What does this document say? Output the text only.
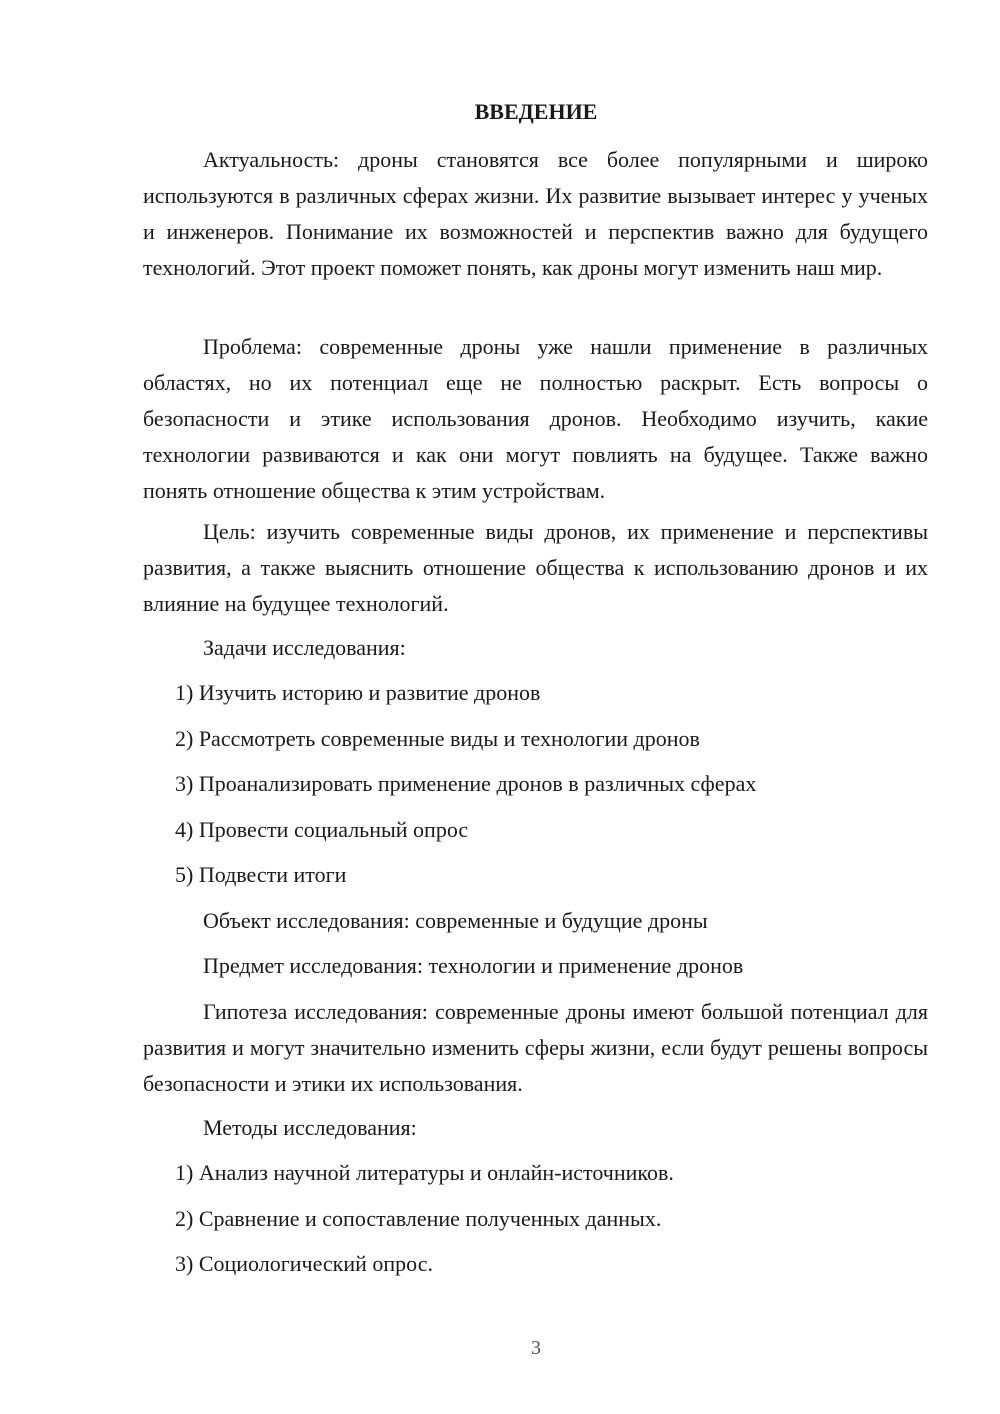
ВВЕДЕНИЕ

Актуальность: дроны становятся все более популярными и широко используются в различных сферах жизни. Их развитие вызывает интерес у ученых и инженеров. Понимание их возможностей и перспектив важно для будущего технологий. Этот проект поможет понять, как дроны могут изменить наш мир.

Проблема: современные дроны уже нашли применение в различных областях, но их потенциал еще не полностью раскрыт. Есть вопросы о безопасности и этике использования дронов. Необходимо изучить, какие технологии развиваются и как они могут повлиять на будущее. Также важно понять отношение общества к этим устройствам.

Цель: изучить современные виды дронов, их применение и перспективы развития, а также выяснить отношение общества к использованию дронов и их влияние на будущее технологий.

Задачи исследования:

1) Изучить историю и развитие дронов

2) Рассмотреть современные виды и технологии дронов

3) Проанализировать применение дронов в различных сферах

4) Провести социальный опрос

5) Подвести итоги

Объект исследования: современные и будущие дроны

Предмет исследования: технологии и применение дронов

Гипотеза исследования: современные дроны имеют большой потенциал для развития и могут значительно изменить сферы жизни, если будут решены вопросы безопасности и этики их использования.

Методы исследования:

1) Анализ научной литературы и онлайн-источников.

2) Сравнение и сопоставление полученных данных.

3) Социологический опрос.

3
